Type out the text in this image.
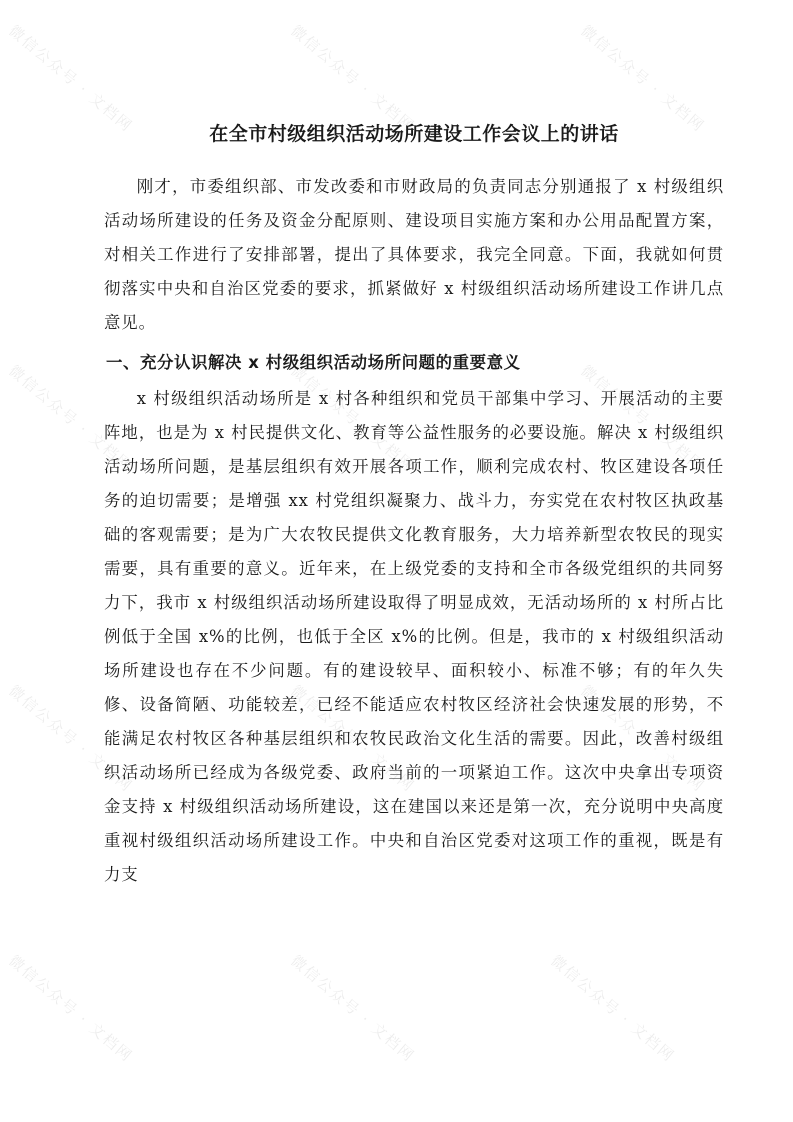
微信公众号 · 文档网	微信公众号 · 文档网	微信公众号 · 文档网
微信公众号 · 文档网	微信公众号 · 文档网	微信公众号 · 文档网
微信公众号 · 文档网	微信公众号 · 文档网	微信公众号 · 文档网
微信公众号 · 文档网	微信公众号 · 文档网	微信公众号 · 文档网
在全市村级组织活动场所建设工作会议上的讲话

刚才，市委组织部、市发改委和市财政局的负责同志分别通报了 x 村级组织活动场所建设的任务及资金分配原则、建设项目实施方案和办公用品配置方案，对相关工作进行了安排部署，提出了具体要求，我完全同意。下面，我就如何贯彻落实中央和自治区党委的要求，抓紧做好 x 村级组织活动场所建设工作讲几点意见。

一、充分认识解决 x 村级组织活动场所问题的重要意义

x 村级组织活动场所是 x 村各种组织和党员干部集中学习、开展活动的主要阵地，也是为 x 村民提供文化、教育等公益性服务的必要设施。解决 x 村级组织活动场所问题，是基层组织有效开展各项工作，顺利完成农村、牧区建设各项任务的迫切需要；是增强 xx 村党组织凝聚力、战斗力，夯实党在农村牧区执政基础的客观需要；是为广大农牧民提供文化教育服务，大力培养新型农牧民的现实需要，具有重要的意义。近年来，在上级党委的支持和全市各级党组织的共同努力下，我市 x 村级组织活动场所建设取得了明显成效，无活动场所的 x 村所占比例低于全国 x%的比例，也低于全区 x%的比例。但是，我市的 x 村级组织活动场所建设也存在不少问题。有的建设较早、面积较小、标准不够；有的年久失修、设备简陋、功能较差，已经不能适应农村牧区经济社会快速发展的形势，不能满足农村牧区各种基层组织和农牧民政治文化生活的需要。因此，改善村级组织活动场所已经成为各级党委、政府当前的一项紧迫工作。这次中央拿出专项资金支持 x 村级组织活动场所建设，这在建国以来还是第一次，充分说明中央高度重视村级组织活动场所建设工作。中央和自治区党委对这项工作的重视，既是有力支
